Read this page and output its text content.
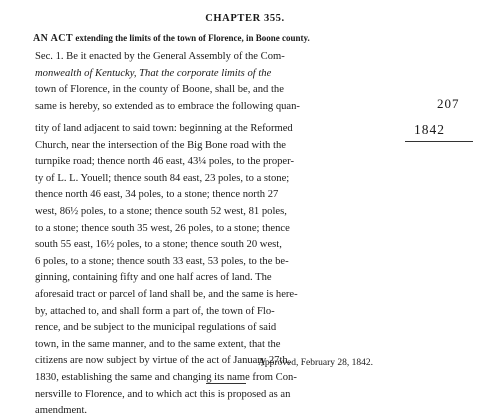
CHAPTER 355.
AN ACT extending the limits of the town of Florence, in Boone county.
Sec. 1. Be it enacted by the General Assembly of the Com-
monwealth of Kentucky, That the corporate limits of the
town of Florence, in the county of Boone, shall be, and the
same is hereby, so extended as to embrace the following quan-	207
1842
tity of land adjacent to said town: beginning at the Reformed
Church, near the intersection of the Big Bone road with the
turnpike road; thence north 46 east, 43¼ poles, to the proper-
ty of L. L. Youell; thence south 84 east, 23 poles, to a stone;
thence north 46 east, 34 poles, to a stone; thence north 27
west, 86½ poles, to a stone; thence south 52 west, 81 poles,
to a stone; thence south 35 west, 26 poles, to a stone; thence
south 55 east, 16½ poles, to a stone; thence south 20 west,
6 poles, to a stone; thence south 33 east, 53 poles, to the be-
ginning, containing fifty and one half acres of land. The
aforesaid tract or parcel of land shall be, and the same is here-
by, attached to, and shall form a part of, the town of Flo-
rence, and be subject to the municipal regulations of said
town, in the same manner, and to the same extent, that the
citizens are now subject by virtue of the act of January 27th,
1830, establishing the same and changing its name from Con-
nersville to Florence, and to which act this is proposed as an
amendment.
Approved, February 28, 1842.
